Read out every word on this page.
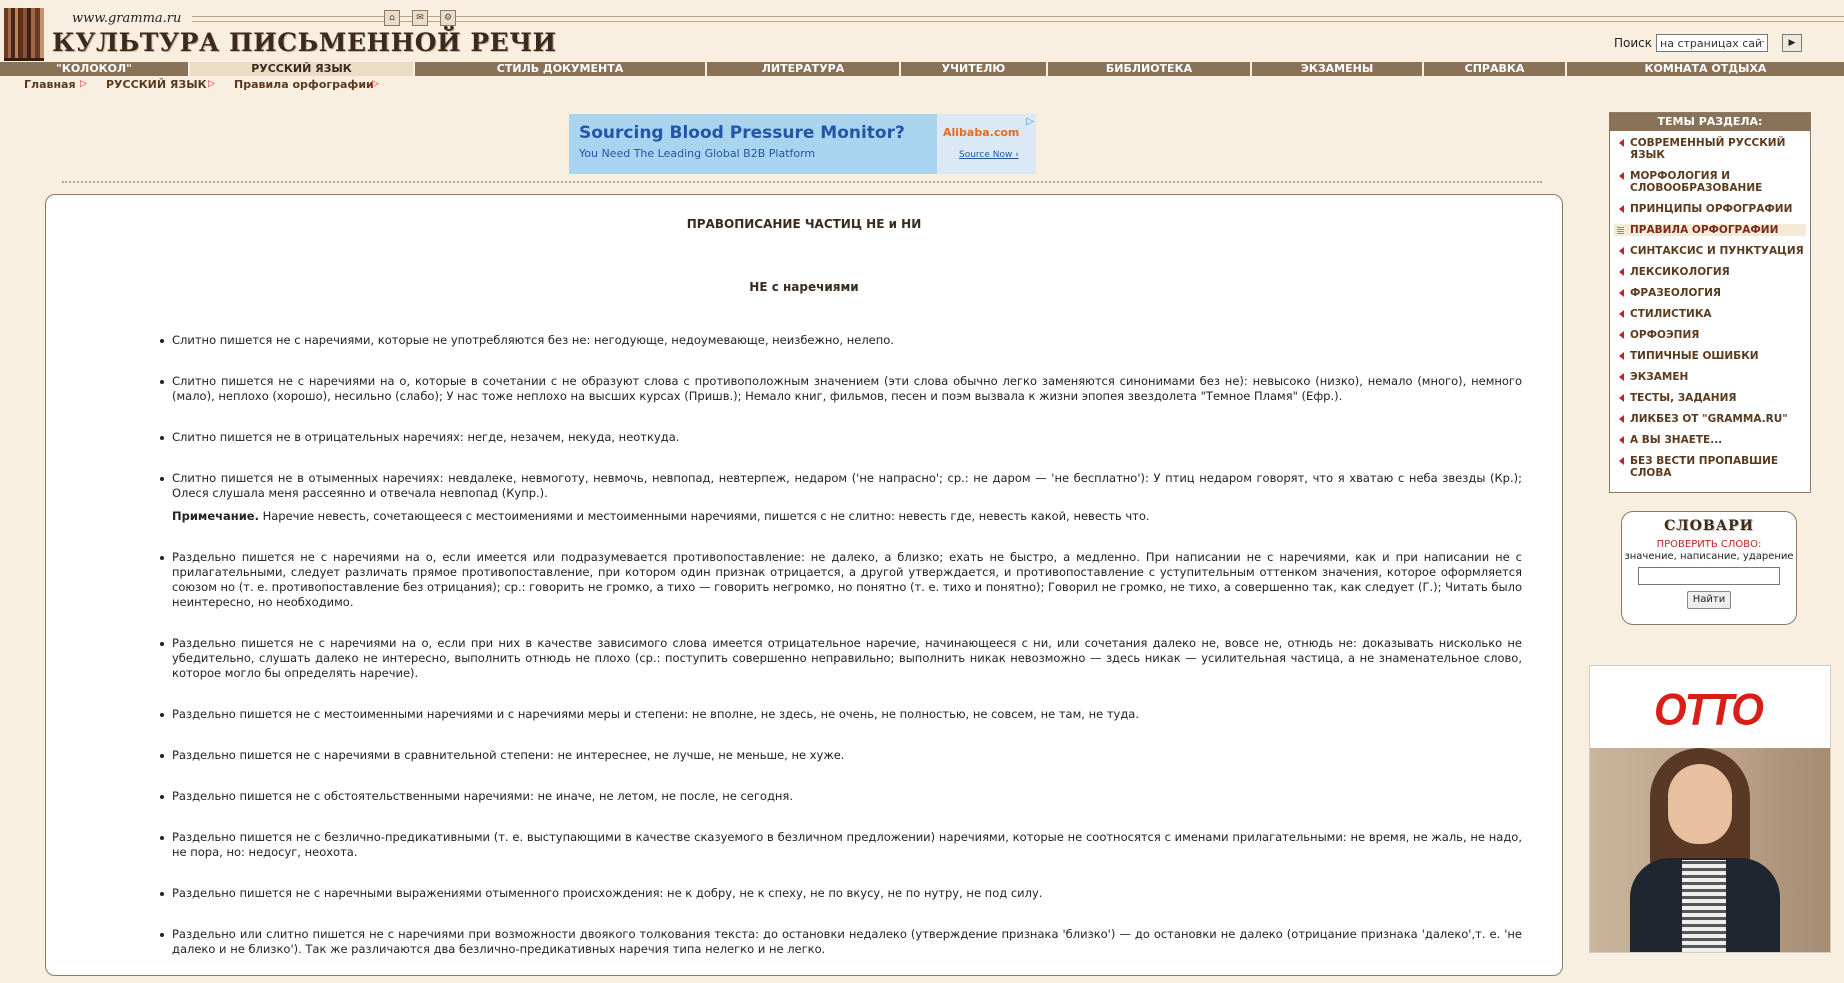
www.gramma.ru
КУЛЬТУРА ПИСЬМЕННОЙ РЕЧИ
⌂	✉	⚙
Поиск
на страницах сайта	▶
"КОЛОКОЛ"	РУССКИЙ ЯЗЫК	СТИЛЬ ДОКУМЕНТА	ЛИТЕРАТУРА	УЧИТЕЛЮ	БИБЛИОТЕКА	ЭКЗАМЕНЫ	СПРАВКА	КОМНАТА ОТДЫХА
Главная ▷ РУССКИЙ ЯЗЫК ▷ Правила орфографии
▷
Sourcing Blood Pressure Monitor?
You Need The Leading Global B2B Platform
▷
Alibaba.com
Source Now ›
ПРАВОПИСАНИЕ ЧАСТИЦ НЕ и НИ
НЕ с наречиями
Слитно пишется не с наречиями, которые не употребляются без не: негодующе, недоумевающе, неизбежно, нелепо.
Слитно пишется не с наречиями на о, которые в сочетании с не образуют слова с противоположным значением (эти слова обычно легко заменяются синонимами без не): невысоко (низко), немало (много), немного (мало), неплохо (хорошо), несильно (слабо); У нас тоже неплохо на высших курсах (Пришв.); Немало книг, фильмов, песен и поэм вызвала к жизни эпопея звездолета "Темное Пламя" (Ефр.).
Слитно пишется не в отрицательных наречиях: негде, незачем, некуда, неоткуда.
Слитно пишется не в отыменных наречиях: невдалеке, невмоготу, невмочь, невпопад, невтерпеж, недаром ('не напрасно'; ср.: не даром — 'не бесплатно'): У птиц недаром говорят, что я хватаю с неба звезды (Кр.); Олеся слушала меня рассеянно и отвечала невпопад (Купр.).
Примечание. Наречие невесть, сочетающееся с местоимениями и местоименными наречиями, пишется с не слитно: невесть где, невесть какой, невесть что.
Раздельно пишется не с наречиями на о, если имеется или подразумевается противопоставление: не далеко, а близко; ехать не быстро, а медленно. При написании не с наречиями, как и при написании не с прилагательными, следует различать прямое противопоставление, при котором один признак отрицается, а другой утверждается, и противопоставление с уступительным оттенком значения, которое оформляется союзом но (т. е. противопоставление без отрицания); ср.: говорить не громко, а тихо — говорить негромко, но понятно (т. е. тихо и понятно); Говорил не громко, не тихо, а совершенно так, как следует (Г.); Читать было неинтересно, но необходимо.
Раздельно пишется не с наречиями на о, если при них в качестве зависимого слова имеется отрицательное наречие, начинающееся с ни, или сочетания далеко не, вовсе не, отнюдь не: доказывать нисколько не убедительно, слушать далеко не интересно, выполнить отнюдь не плохо (ср.: поступить совершенно неправильно; выполнить никак невозможно — здесь никак — усилительная частица, а не знаменательное слово, которое могло бы определять наречие).
Раздельно пишется не с местоименными наречиями и с наречиями меры и степени: не вполне, не здесь, не очень, не полностью, не совсем, не там, не туда.
Раздельно пишется не с наречиями в сравнительной степени: не интереснее, не лучше, не меньше, не хуже.
Раздельно пишется не с обстоятельственными наречиями: не иначе, не летом, не после, не сегодня.
Раздельно пишется не с безлично-предикативными (т. е. выступающими в качестве сказуемого в безличном предложении) наречиями, которые не соотносятся с именами прилагательными: не время, не жаль, не надо, не пора, но: недосуг, неохота.
Раздельно пишется не с наречными выражениями отыменного происхождения: не к добру, не к спеху, не по вкусу, не по нутру, не под силу.
Раздельно или слитно пишется не с наречиями при возможности двоякого толкования текста: до остановки недалеко (утверждение признака 'близко') — до остановки не далеко (отрицание признака 'далеко',т. е. 'не далеко и не близко'). Так же различаются два безлично-предикативных наречия типа нелегко и не легко.
ТЕМЫ РАЗДЕЛА:
СОВРЕМЕННЫЙ РУССКИЙ ЯЗЫК
МОРФОЛОГИЯ И СЛОВООБРАЗОВАНИЕ
ПРИНЦИПЫ ОРФОГРАФИИ
ПРАВИЛА ОРФОГРАФИИ
СИНТАКСИС И ПУНКТУАЦИЯ
ЛЕКСИКОЛОГИЯ
ФРАЗЕОЛОГИЯ
СТИЛИСТИКА
ОРФОЭПИЯ
ТИПИЧНЫЕ ОШИБКИ
ЭКЗАМЕН
ТЕСТЫ, ЗАДАНИЯ
ЛИКБЕЗ ОТ "GRAMMA.RU"
А ВЫ ЗНАЕТЕ...
БЕЗ ВЕСТИ ПРОПАВШИЕ СЛОВА
СЛОВАРИ
ПРОВЕРИТЬ СЛОВО:
значение, написание, ударение
Найти
OTTO
